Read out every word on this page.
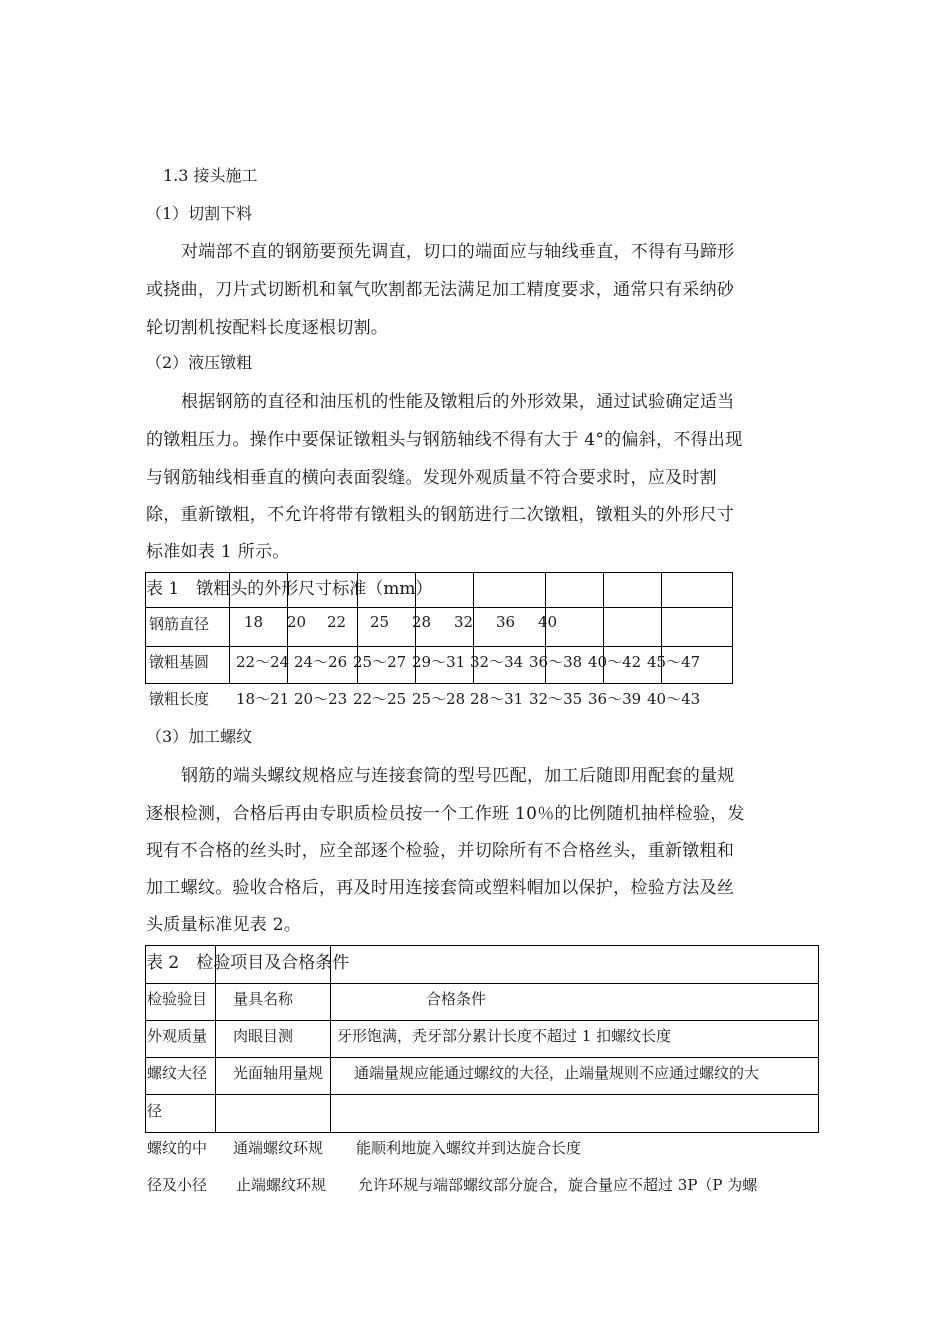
1.3 接头施工
（1）切割下料
对端部不直的钢筋要预先调直，切口的端面应与轴线垂直，不得有马蹄形
或挠曲，刀片式切断机和氧气吹割都无法满足加工精度要求，通常只有采纳砂
轮切割机按配料长度逐根切割。
（2）液压镦粗
根据钢筋的直径和油压机的性能及镦粗后的外形效果，通过试验确定适当
的镦粗压力。操作中要保证镦粗头与钢筋轴线不得有大于 4°的偏斜，不得出现
与钢筋轴线相垂直的横向表面裂缝。发现外观质量不符合要求时，应及时割
除，重新镦粗，不允许将带有镦粗头的钢筋进行二次镦粗，镦粗头的外形尺寸
标准如表 1 所示。
表 1　镦粗头的外形尺寸标准（mm）
钢筋直径 18 20 22 25 28 32 36 40
镦粗基圆 22～24 24～26 25～27 29～31 32～34 36～38 40～42 45～47
镦粗长度 18～21 20～23 22～25 25～28 28～31 32～35 36～39 40～43
（3）加工螺纹
钢筋的端头螺纹规格应与连接套筒的型号匹配，加工后随即用配套的量规
逐根检测，合格后再由专职质检员按一个工作班 10％的比例随机抽样检验，发
现有不合格的丝头时，应全部逐个检验，并切除所有不合格丝头，重新镦粗和
加工螺纹。验收合格后，再及时用连接套筒或塑料帽加以保护，检验方法及丝
头质量标准见表 2。
表 2　检验项目及合格条件
检验验目 量具名称	合格条件
外观质量 肉眼目测	牙形饱满，秃牙部分累计长度不超过 1 扣螺纹长度
螺纹大径 光面轴用量规 通端量规应能通过螺纹的大径，止端量规则不应通过螺纹的大
径
螺纹的中 通端螺纹环规 能顺利地旋入螺纹并到达旋合长度
径及小径 止端螺纹环规 允许环规与端部螺纹部分旋合，旋合量应不超过 3P（P 为螺
